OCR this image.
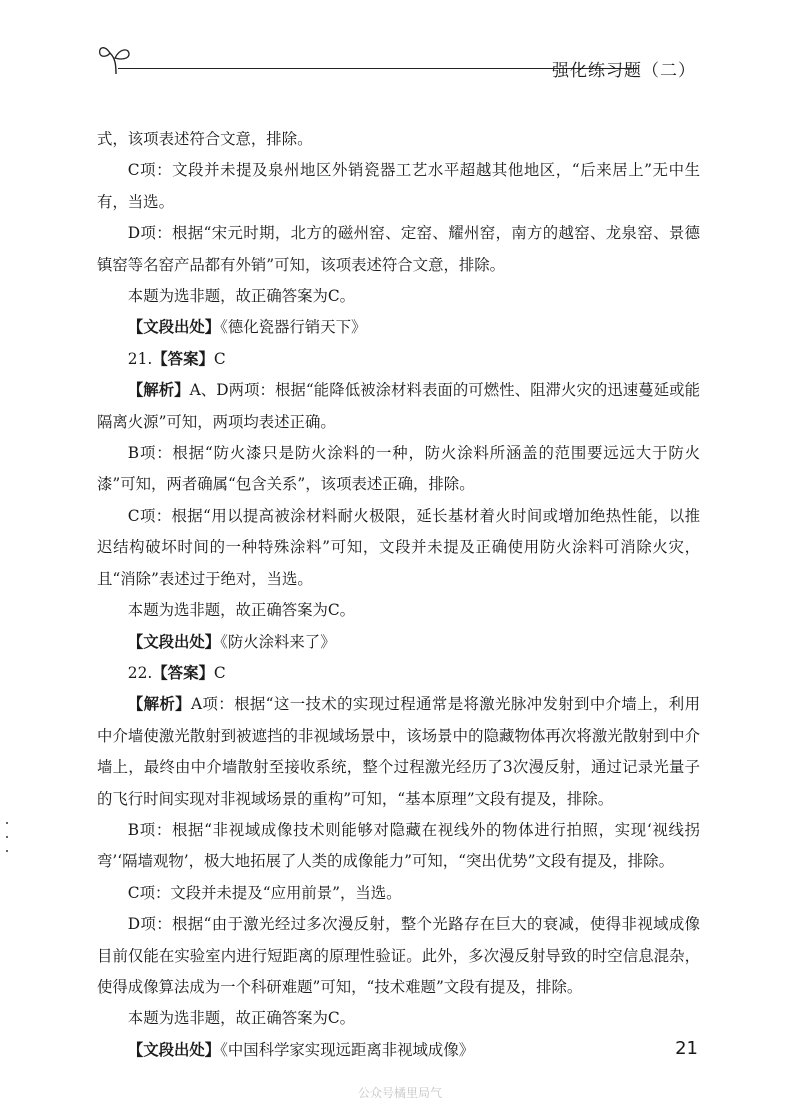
强化练习题（二）

式，该项表述符合文意，排除。

C项：文段并未提及泉州地区外销瓷器工艺水平超越其他地区，“后来居上”无中生有，当选。

D项：根据“宋元时期，北方的磁州窑、定窑、耀州窑，南方的越窑、龙泉窑、景德镇窑等名窑产品都有外销”可知，该项表述符合文意，排除。

本题为选非题，故正确答案为C。

【文段出处】《德化瓷器行销天下》

21.【答案】C

【解析】A、D两项：根据“能降低被涂材料表面的可燃性、阻滞火灾的迅速蔓延或能隔离火源”可知，两项均表述正确。

B项：根据“防火漆只是防火涂料的一种，防火涂料所涵盖的范围要远远大于防火漆”可知，两者确属“包含关系”，该项表述正确，排除。

C项：根据“用以提高被涂材料耐火极限，延长基材着火时间或增加绝热性能，以推迟结构破坏时间的一种特殊涂料”可知，文段并未提及正确使用防火涂料可消除火灾，且“消除”表述过于绝对，当选。

本题为选非题，故正确答案为C。

【文段出处】《防火涂料来了》

22.【答案】C

【解析】A项：根据“这一技术的实现过程通常是将激光脉冲发射到中介墙上，利用中介墙使激光散射到被遮挡的非视域场景中，该场景中的隐藏物体再次将激光散射到中介墙上，最终由中介墙散射至接收系统，整个过程激光经历了3次漫反射，通过记录光量子的飞行时间实现对非视域场景的重构”可知，“基本原理”文段有提及，排除。

B项：根据“非视域成像技术则能够对隐藏在视线外的物体进行拍照，实现‘视线拐弯’‘隔墙观物’，极大地拓展了人类的成像能力”可知，“突出优势”文段有提及，排除。

C项：文段并未提及“应用前景”，当选。

D项：根据“由于激光经过多次漫反射，整个光路存在巨大的衰减，使得非视域成像目前仅能在实验室内进行短距离的原理性验证。此外，多次漫反射导致的时空信息混杂，使得成像算法成为一个科研难题”可知，“技术难题”文段有提及，排除。

本题为选非题，故正确答案为C。

【文段出处】《中国科学家实现远距离非视域成像》	21
公众号橘里局气
